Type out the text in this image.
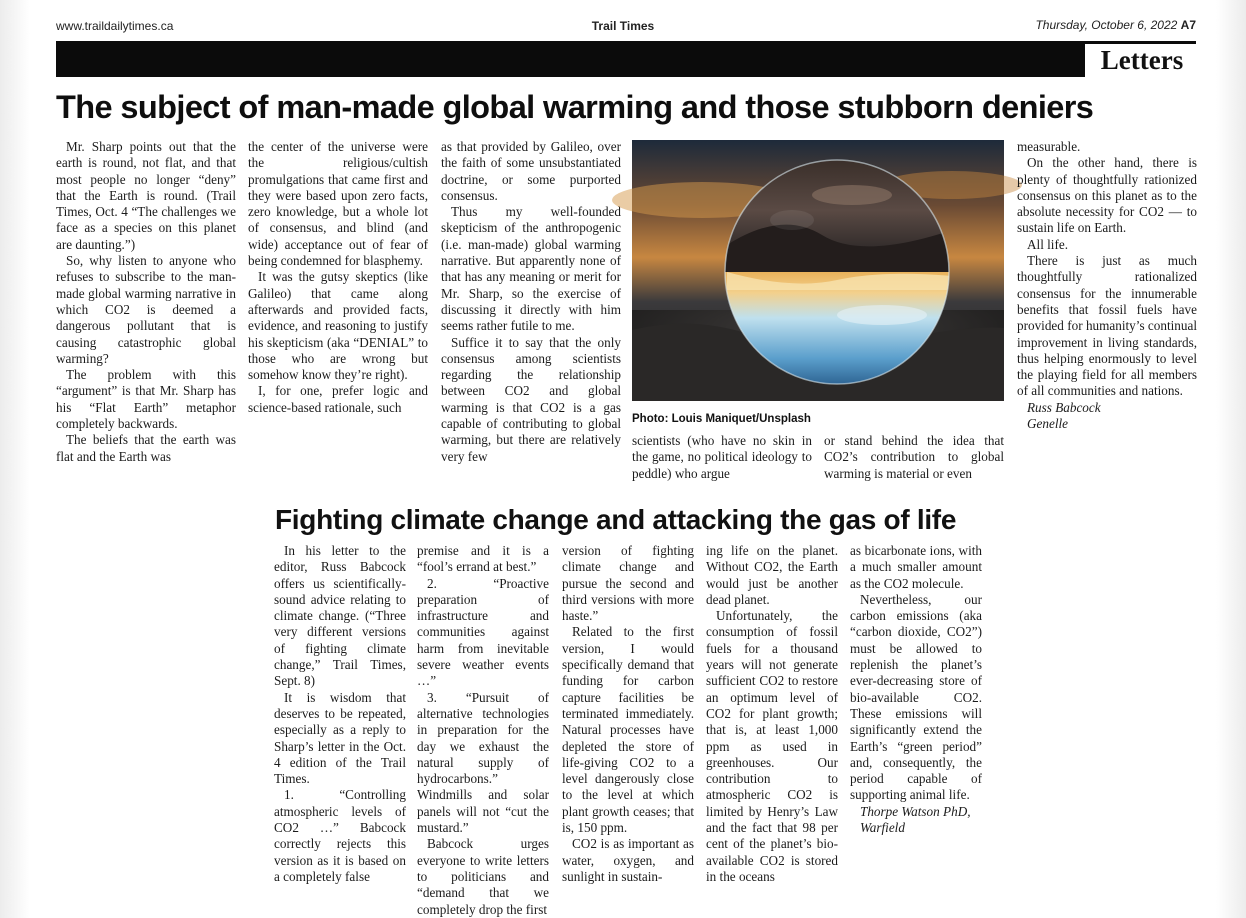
www.traildailytimes.ca	Trail Times	Thursday, October 6, 2022 A7
Letters
The subject of man-made global warming and those stubborn deniers

Mr. Sharp points out that the earth is round, not flat, and that most people no longer “deny” that the Earth is round. (Trail Times, Oct. 4 “The challenges we face as a species on this planet are daunting.”)

So, why listen to anyone who refuses to subscribe to the man-made global warming narrative in which CO2 is deemed a dangerous pollutant that is causing catastrophic global warming?

The problem with this “argument” is that Mr. Sharp has his “Flat Earth” metaphor completely backwards.

The beliefs that the earth was flat and the Earth was

the center of the universe were the religious/cultish promulgations that came first and they were based upon zero facts, zero knowledge, but a whole lot of consensus, and blind (and wide) acceptance out of fear of being condemned for blasphemy.

It was the gutsy skeptics (like Galileo) that came along afterwards and provided facts, evidence, and reasoning to justify his skepticism (aka “DENIAL” to those who are wrong but somehow know they’re right).

I, for one, prefer logic and science-based rationale, such

as that provided by Galileo, over the faith of some unsubstantiated doctrine, or some purported consensus.

Thus my well-founded skepticism of the anthropogenic (i.e. man-made) global warming narrative. But apparently none of that has any meaning or merit for Mr. Sharp, so the exercise of discussing it directly with him seems rather futile to me.

Suffice it to say that the only consensus among scientists regarding the relationship between CO2 and global warming is that CO2 is a gas capable of contributing to global warming, but there are relatively very few

Photo: Louis Maniquet/Unsplash

scientists (who have no skin in the game, no political ideology to peddle) who argue

or stand behind the idea that CO2’s contribution to global warming is material or even

measurable.

On the other hand, there is plenty of thoughtfully rationized consensus on this planet as to the absolute necessity for CO2 — to sustain life on Earth.

All life.

There is just as much thoughtfully rationalized consensus for the innumerable benefits that fossil fuels have provided for humanity’s continual improvement in living standards, thus helping enormously to level the playing field for all members of all communities and nations.

Russ Babcock

Genelle

Fighting climate change and attacking the gas of life

In his letter to the editor, Russ Babcock offers us scientifically-sound advice relating to climate change. (“Three very different versions of fighting climate change,” Trail Times, Sept. 8)

It is wisdom that deserves to be repeated, especially as a reply to Sharp’s letter in the Oct. 4 edition of the Trail Times.

1. “Controlling atmospheric levels of CO2 …” Babcock correctly rejects this version as it is based on a completely false

premise and it is a “fool’s errand at best.”

2. “Proactive preparation of infrastructure and communities against harm from inevitable severe weather events …”

3. “Pursuit of alternative technologies in preparation for the day we exhaust the natural supply of hydrocarbons.” Windmills and solar panels will not “cut the mustard.”

Babcock urges everyone to write letters to politicians and “demand that we completely drop the first

version of fighting climate change and pursue the second and third versions with more haste.”

Related to the first version, I would specifically demand that funding for carbon capture facilities be terminated immediately. Natural processes have depleted the store of life-giving CO2 to a level dangerously close to the level at which plant growth ceases; that is, 150 ppm.

CO2 is as important as water, oxygen, and sunlight in sustain-

ing life on the planet. Without CO2, the Earth would just be another dead planet.

Unfortunately, the consumption of fossil fuels for a thousand years will not generate sufficient CO2 to restore an optimum level of CO2 for plant growth; that is, at least 1,000 ppm as used in greenhouses. Our contribution to atmospheric CO2 is limited by Henry’s Law and the fact that 98 per cent of the planet’s bio-available CO2 is stored in the oceans

as bicarbonate ions, with a much smaller amount as the CO2 molecule.

Nevertheless, our carbon emissions (aka “carbon dioxide, CO2”) must be allowed to replenish the planet’s ever-decreasing store of bio-available CO2. These emissions will significantly extend the Earth’s “green period” and, consequently, the period capable of supporting animal life.

Thorpe Watson PhD,

Warfield
